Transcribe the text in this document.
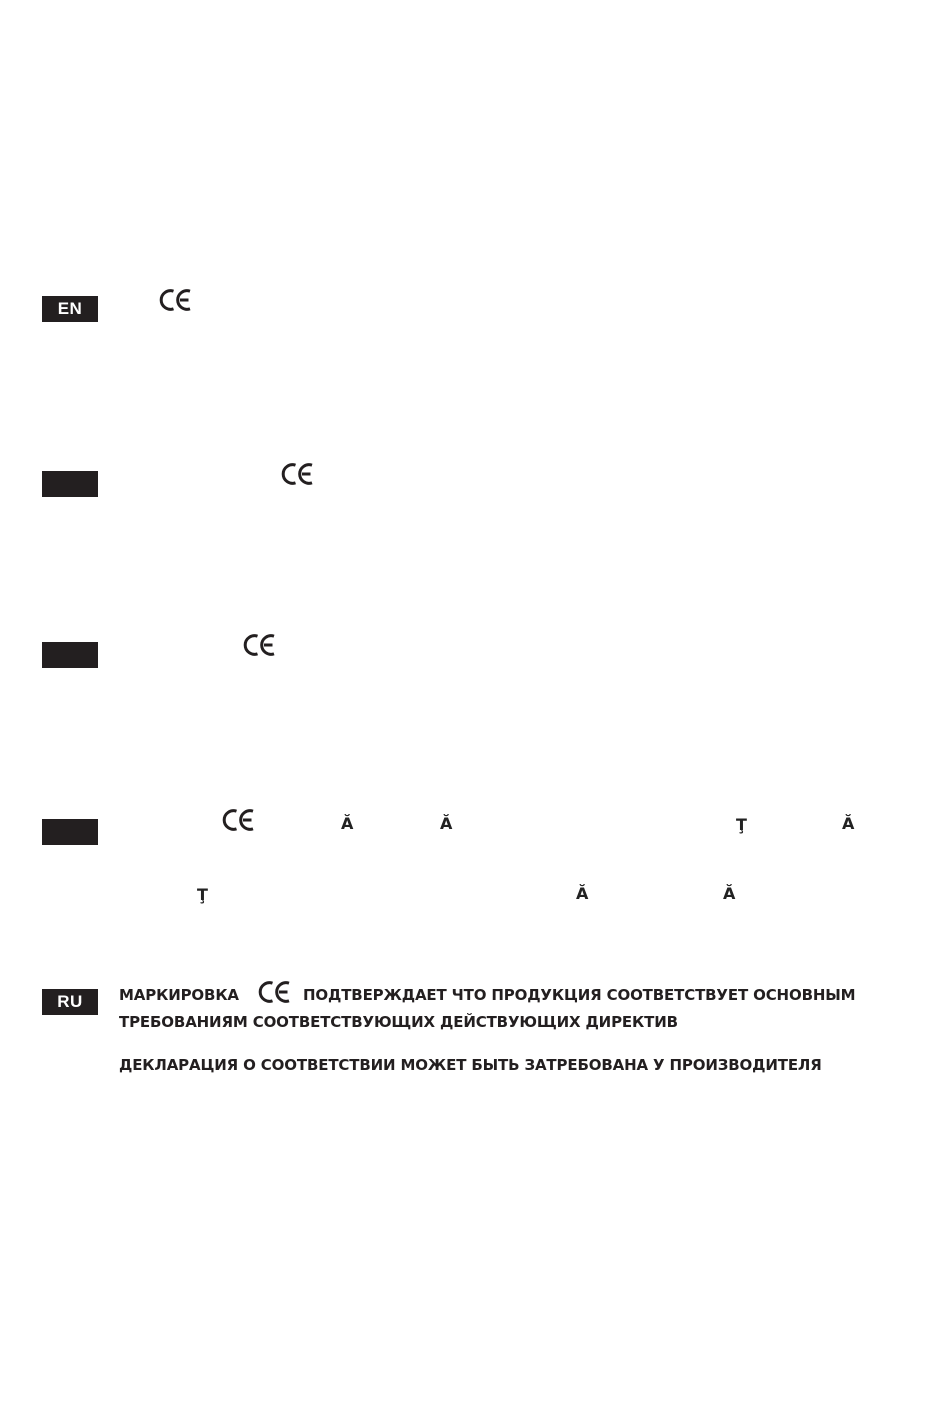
EN
Ă	Ă	Ţ	Ă
Ţ	Ă	Ă
RU	МАРКИРОВКА	ПОДТВЕРЖДАЕТ ЧТО ПРОДУКЦИЯ СООТВЕТСТВУЕТ ОСНОВНЫМ
ТРЕБОВАНИЯМ СООТВЕТСТВУЮЩИХ ДЕЙСТВУЮЩИХ ДИРЕКТИВ
ДЕКЛАРАЦИЯ О СООТВЕТСТВИИ МОЖЕТ БЫТЬ ЗАТРЕБОВАНА У ПРОИЗВОДИТЕЛЯ
